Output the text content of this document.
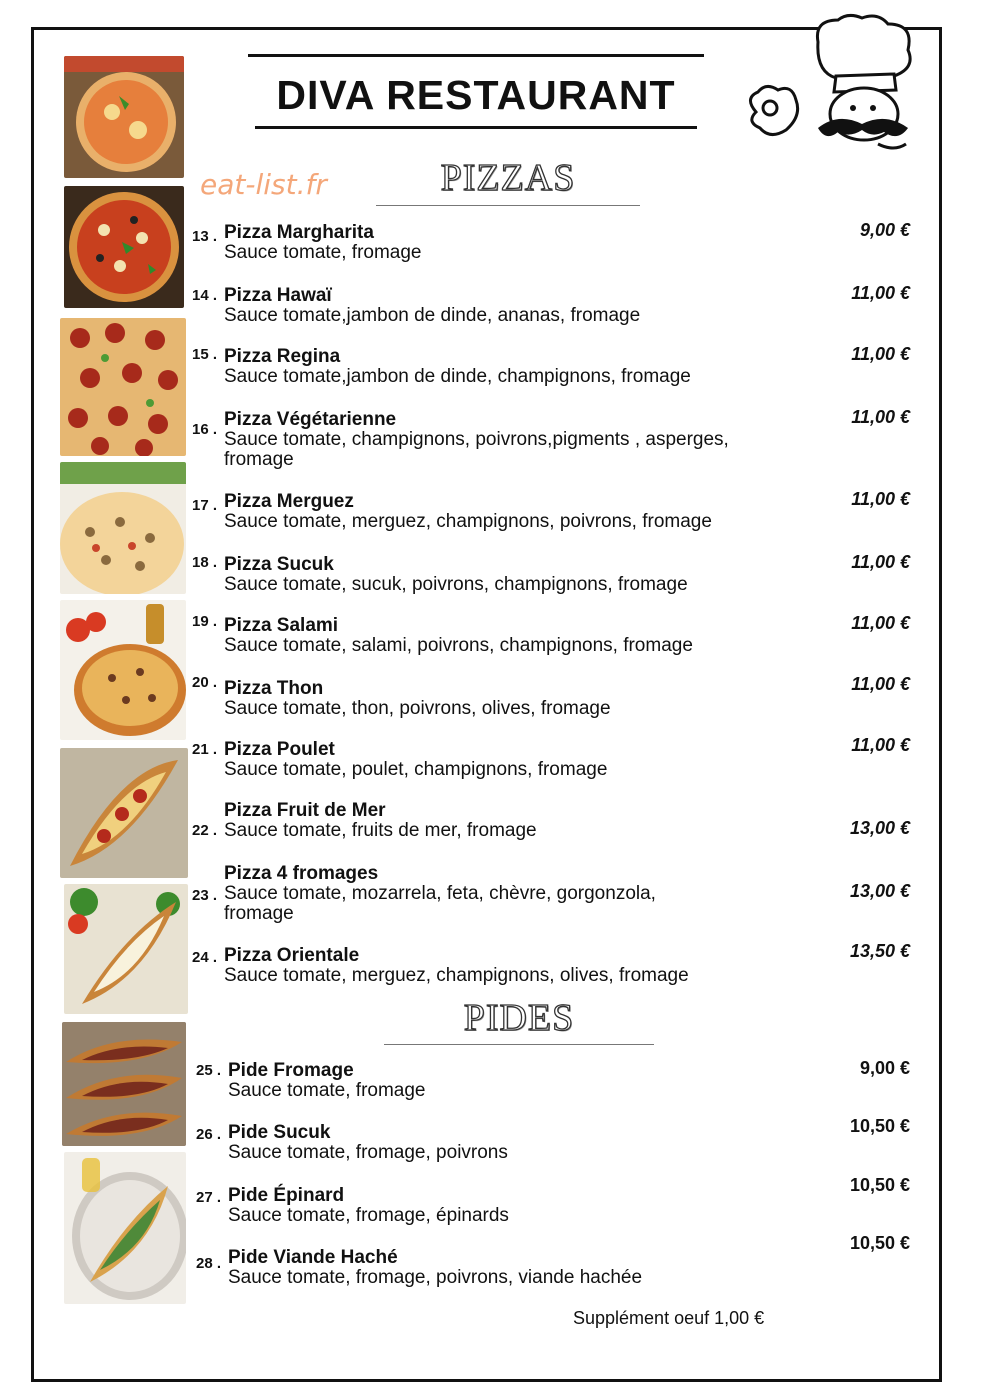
DIVA RESTAURANT
eat-list.fr	PIZZAS
13 . Pizza Margharita
Sauce tomate, fromage
9,00 €
14 . Pizza Hawaï
Sauce tomate,jambon de dinde, ananas, fromage
11,00 €
15 . Pizza Regina
Sauce tomate,jambon de dinde, champignons, fromage
11,00 €
16 . Pizza Végétarienne
Sauce tomate, champignons, poivrons,pigments , asperges, fromage
11,00 €
17 . Pizza Merguez
Sauce tomate, merguez, champignons, poivrons, fromage
11,00 €
18 . Pizza Sucuk
Sauce tomate, sucuk, poivrons, champignons, fromage
11,00 €
19 . Pizza Salami
Sauce tomate, salami, poivrons, champignons, fromage
11,00 €
20 . Pizza Thon
Sauce tomate, thon, poivrons, olives, fromage
11,00 €
21 . Pizza Poulet
Sauce tomate, poulet, champignons, fromage
11,00 €
22 .
Pizza Fruit de Mer
Sauce tomate, fruits de mer, fromage	13,00 €
23 .
Pizza 4 fromages
Sauce tomate, mozarrela, feta, chèvre, gorgonzola, fromage
13,00 €
24 . Pizza Orientale
Sauce tomate, merguez, champignons, olives, fromage
13,50 €
PIDES
25 . Pide Fromage
Sauce tomate, fromage
9,00 €
26 . Pide Sucuk
Sauce tomate, fromage, poivrons
10,50 €
27 . Pide Épinard
Sauce tomate, fromage, épinards
10,50 €
28 . Pide Viande Haché
Sauce tomate, fromage, poivrons, viande hachée
10,50 €
Supplément oeuf 1,00 €
